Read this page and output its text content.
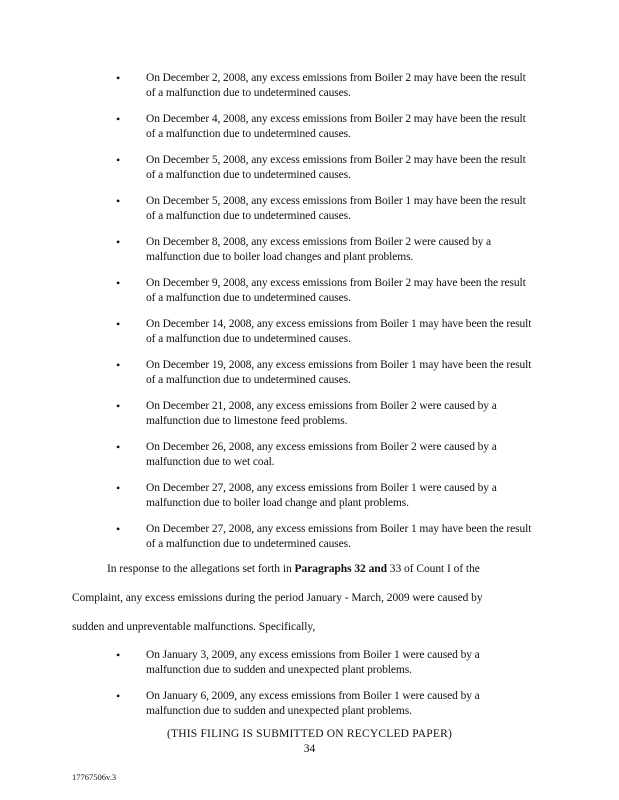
• On December 2, 2008, any excess emissions from Boiler 2 may have been the result of a malfunction due to undetermined causes.
• On December 4, 2008, any excess emissions from Boiler 2 may have been the result of a malfunction due to undetermined causes.
• On December 5, 2008, any excess emissions from Boiler 2 may have been the result of a malfunction due to undetermined causes.
• On December 5, 2008, any excess emissions from Boiler 1 may have been the result of a malfunction due to undetermined causes.
• On December 8, 2008, any excess emissions from Boiler 2 were caused by a malfunction due to boiler load changes and plant problems.
• On December 9, 2008, any excess emissions from Boiler 2 may have been the result of a malfunction due to undetermined causes.
• On December 14, 2008, any excess emissions from Boiler 1 may have been the result of a malfunction due to undetermined causes.
• On December 19, 2008, any excess emissions from Boiler 1 may have been the result of a malfunction due to undetermined causes.
• On December 21, 2008, any excess emissions from Boiler 2 were caused by a malfunction due to limestone feed problems.
• On December 26, 2008, any excess emissions from Boiler 2 were caused by a malfunction due to wet coal.
• On December 27, 2008, any excess emissions from Boiler 1 were caused by a malfunction due to boiler load change and plant problems.
• On December 27, 2008, any excess emissions from Boiler 1 may have been the result of a malfunction due to undetermined causes.
In response to the allegations set forth in Paragraphs 32 and 33 of Count I of the
Complaint, any excess emissions during the period January - March, 2009 were caused by
sudden and unpreventable malfunctions. Specifically,
• On January 3, 2009, any excess emissions from Boiler 1 were caused by a malfunction due to sudden and unexpected plant problems.
• On January 6, 2009, any excess emissions from Boiler 1 were caused by a malfunction due to sudden and unexpected plant problems.
(THIS FILING IS SUBMITTED ON RECYCLED PAPER)
34
17767506v.3
